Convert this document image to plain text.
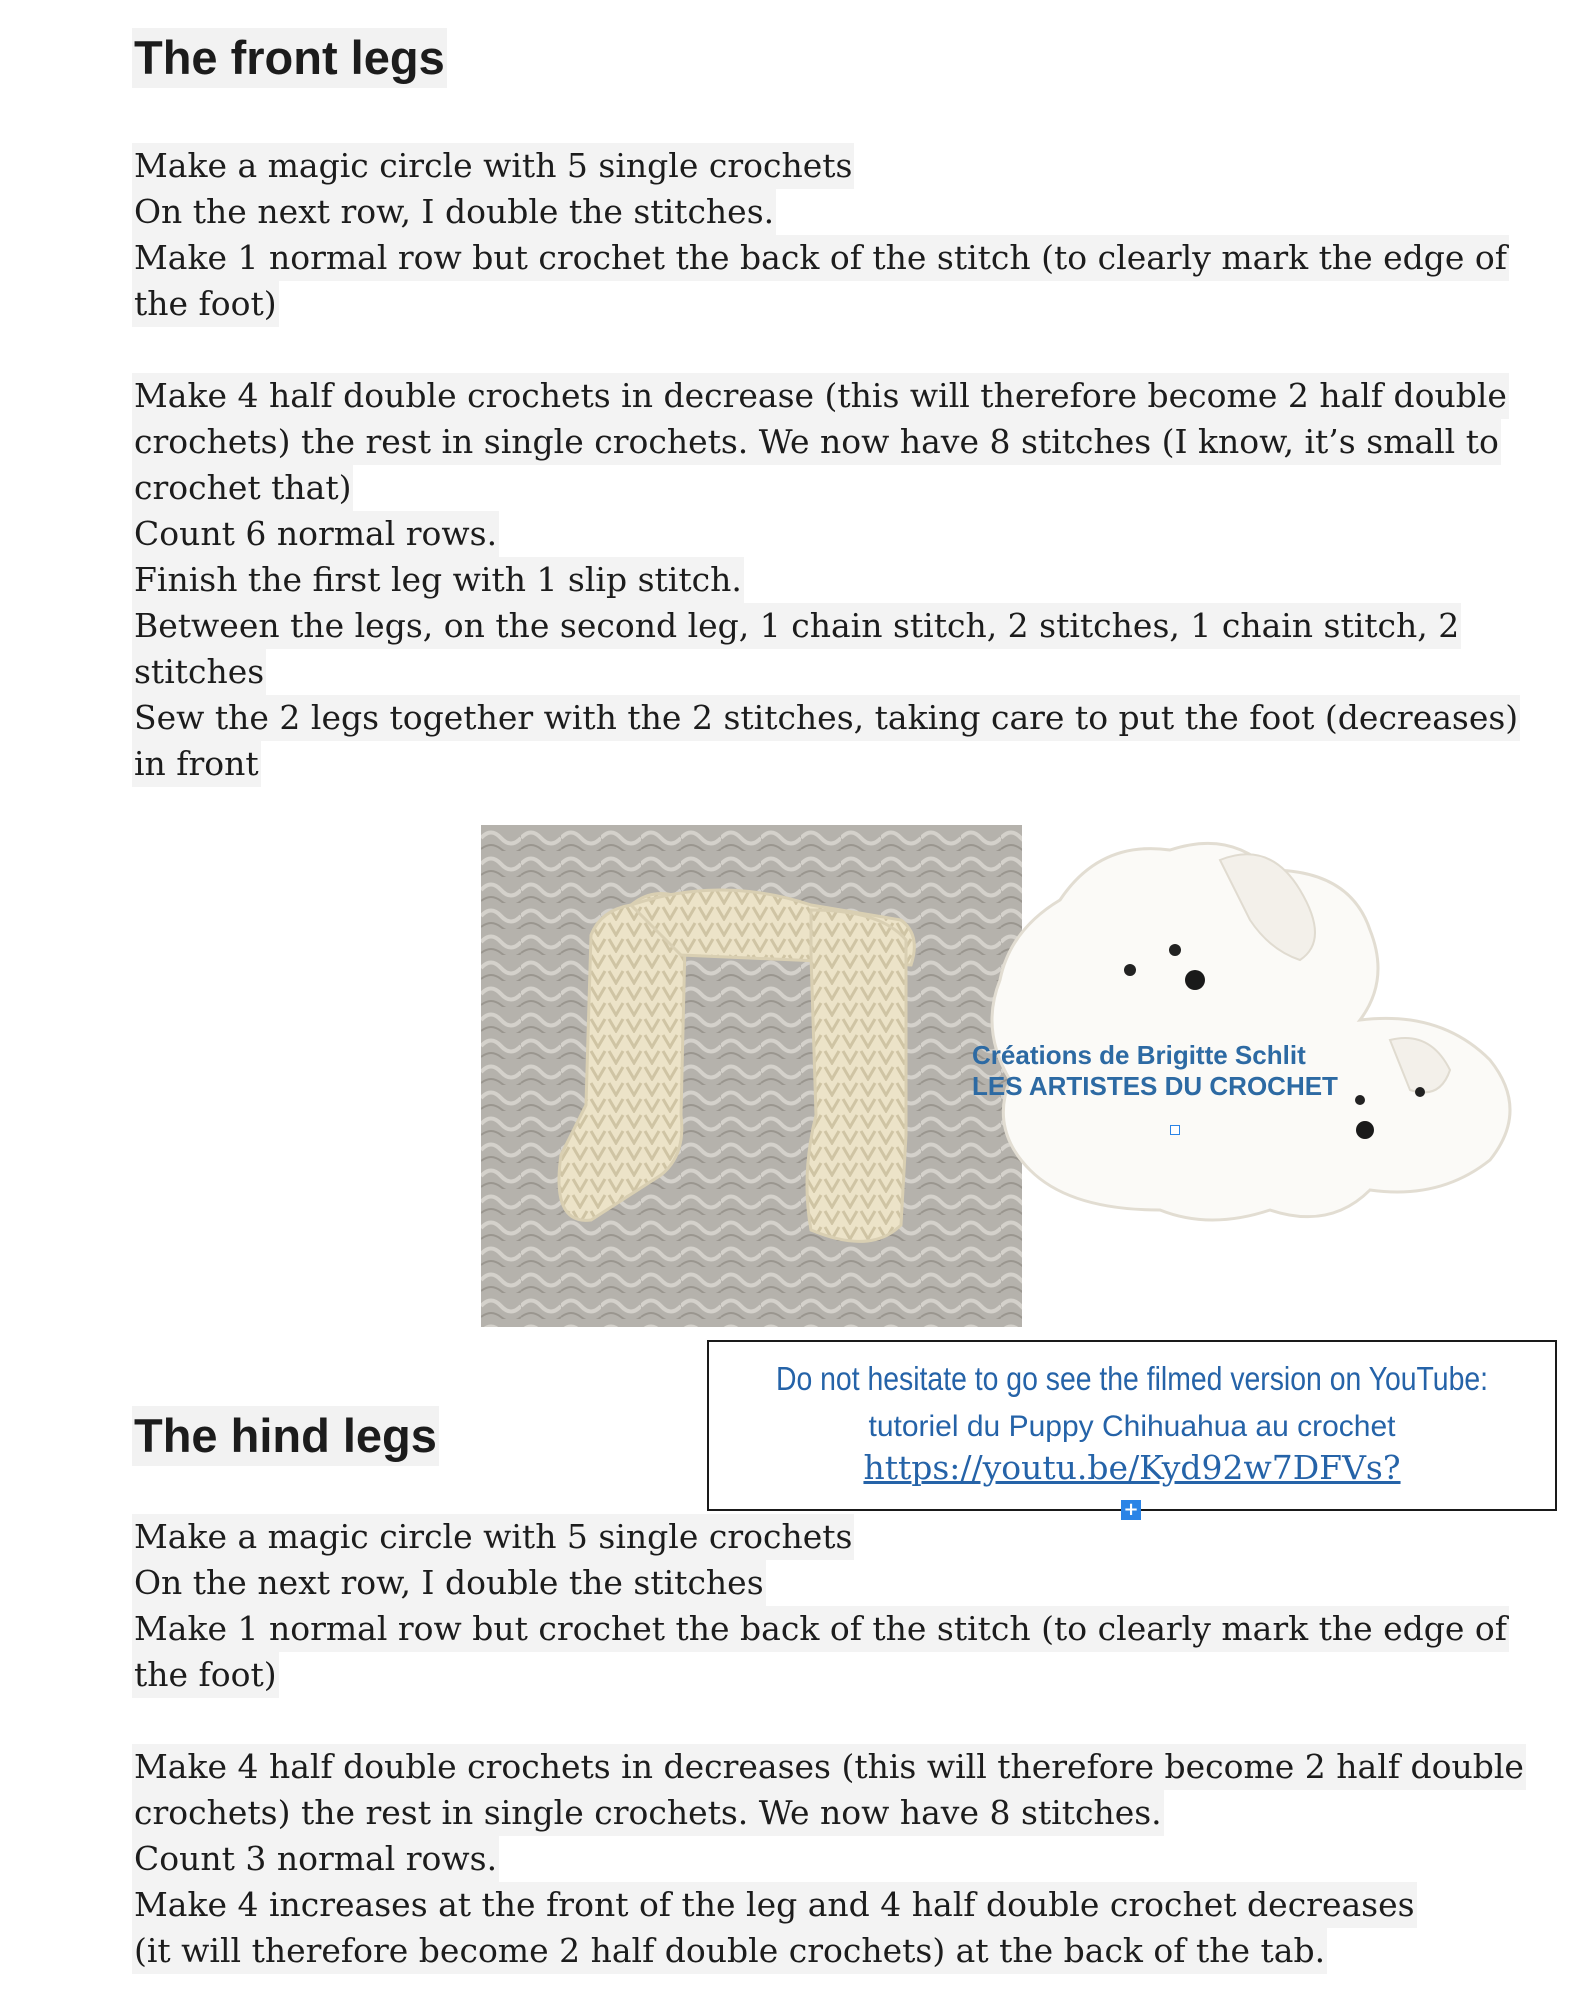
The front legs
Make a magic circle with 5 single crochets
On the next row, I double the stitches.
Make 1 normal row but crochet the back of the stitch (to clearly mark the edge of
the foot)
Make 4 half double crochets in decrease (this will therefore become 2 half double
crochets) the rest in single crochets. We now have 8 stitches (I know, it’s small to
crochet that)
Count 6 normal rows.
Finish the first leg with 1 slip stitch.
Between the legs, on the second leg, 1 chain stitch, 2 stitches, 1 chain stitch, 2
stitches
Sew the 2 legs together with the 2 stitches, taking care to put the foot (decreases)
in front
Créations de Brigitte Schlit
LES ARTISTES DU CROCHET
Do not hesitate to go see the filmed version on YouTube:
tutoriel du Puppy Chihuahua au crochet
https://youtu.be/Kyd92w7DFVs?
+
The hind legs
Make a magic circle with 5 single crochets
On the next row, I double the stitches
Make 1 normal row but crochet the back of the stitch (to clearly mark the edge of
the foot)
Make 4 half double crochets in decreases (this will therefore become 2 half double
crochets) the rest in single crochets. We now have 8 stitches.
Count 3 normal rows.
Make 4 increases at the front of the leg and 4 half double crochet decreases
(it will therefore become 2 half double crochets) at the back of the tab.
